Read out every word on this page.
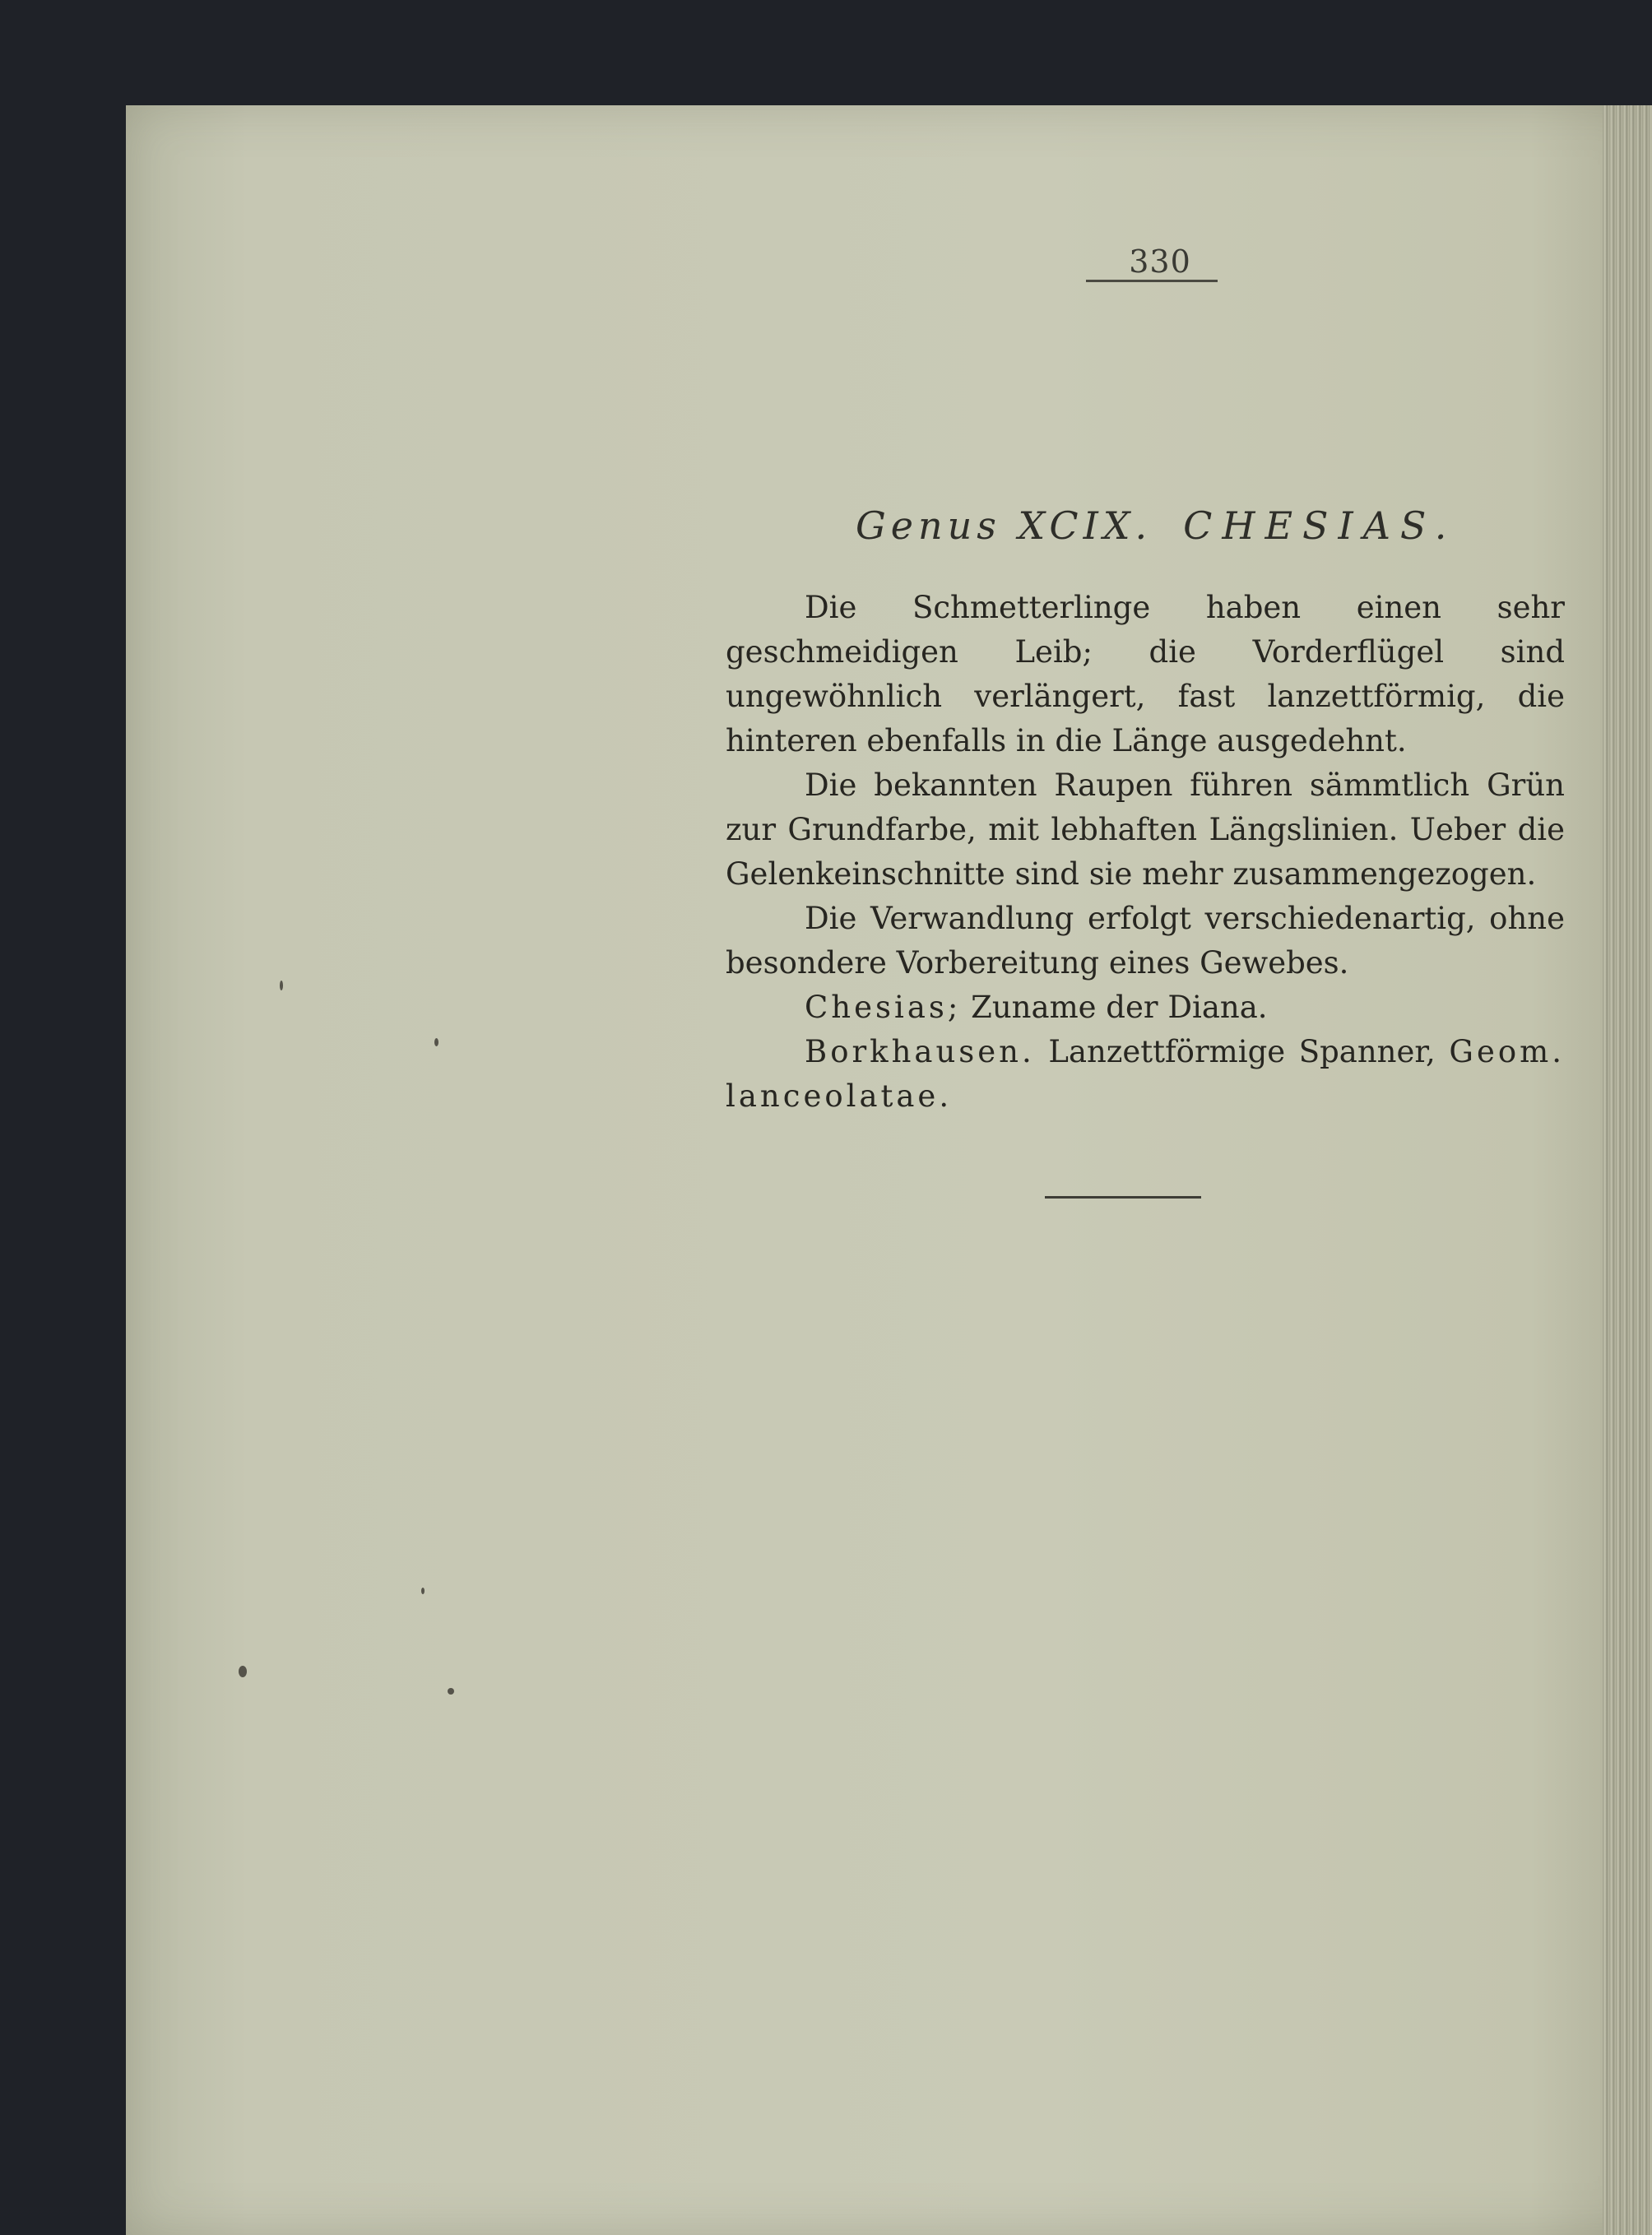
330
Genus XCIX. CHESIAS.

Die Schmetterlinge haben einen sehr geschmeidigen Leib; die Vorderflügel sind ungewöhnlich verlängert, fast lanzettförmig, die hinteren ebenfalls in die Länge ausgedehnt.

Die bekannten Raupen führen sämmtlich Grün zur Grundfarbe, mit lebhaften Längslinien. Ueber die Gelenkeinschnitte sind sie mehr zusammengezogen.

Die Verwandlung erfolgt verschiedenartig, ohne besondere Vorbereitung eines Gewebes.

Chesias; Zuname der Diana.

Borkhausen. Lanzettförmige Spanner, Geom. lanceolatae.
